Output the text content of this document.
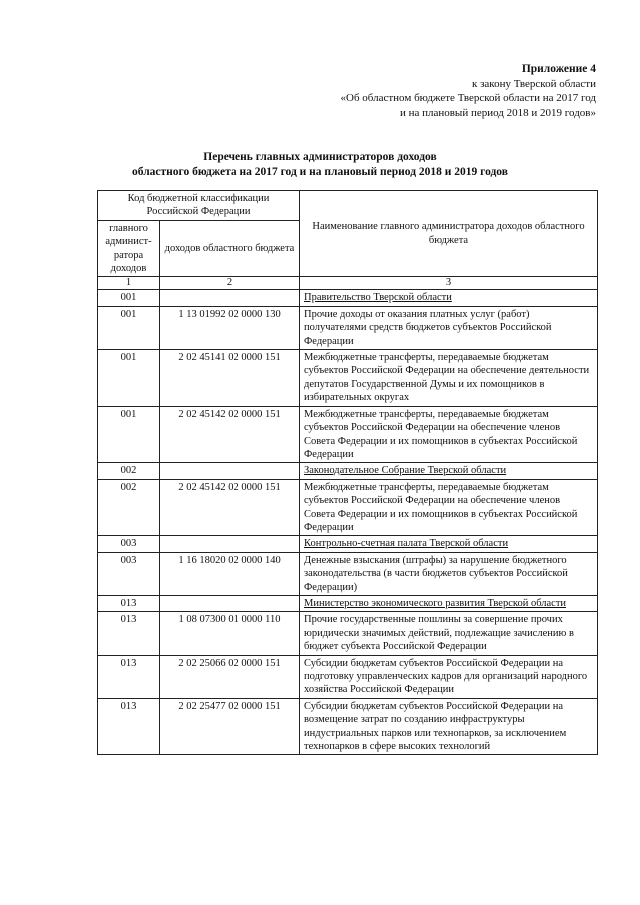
Приложение 4
к закону Тверской области
«Об областном бюджете Тверской области на 2017 год
и на плановый период 2018 и 2019 годов»
Перечень главных администраторов доходов
областного бюджета на 2017 год и на плановый период 2018 и 2019 годов
Код бюджетной классификации Российской Федерации		Наименование главного администратора доходов областного бюджета
главного админист-ратора доходов	доходов областного бюджета	
1	2	3
001		Правительство Тверской области
001	1 13 01992 02 0000 130	Прочие доходы от оказания платных услуг (работ) получателями средств бюджетов субъектов Российской Федерации
001	2 02 45141 02 0000 151	Межбюджетные трансферты, передаваемые бюджетам субъектов Российской Федерации на обеспечение деятельности депутатов Государственной Думы и их помощников в избирательных округах
001	2 02 45142 02 0000 151	Межбюджетные трансферты, передаваемые бюджетам субъектов Российской Федерации на обеспечение членов Совета Федерации и их помощников в субъектах Российской Федерации
002		Законодательное Собрание Тверской области
002	2 02 45142 02 0000 151	Межбюджетные трансферты, передаваемые бюджетам субъектов Российской Федерации на обеспечение членов Совета Федерации и их помощников в субъектах Российской Федерации
003		Контрольно-счетная палата Тверской области
003	1 16 18020 02 0000 140	Денежные взыскания (штрафы) за нарушение бюджетного законодательства (в части бюджетов субъектов Российской Федерации)
013		Министерство экономического развития Тверской области
013	1 08 07300 01 0000 110	Прочие государственные пошлины за совершение прочих юридически значимых действий, подлежащие зачислению в бюджет субъекта Российской Федерации
013	2 02 25066 02 0000 151	Субсидии бюджетам субъектов Российской Федерации на подготовку управленческих кадров для организаций народного хозяйства Российской Федерации
013	2 02 25477 02 0000 151	Субсидии бюджетам субъектов Российской Федерации на возмещение затрат по созданию инфраструктуры индустриальных парков или технопарков, за исключением технопарков в сфере высоких технологий
